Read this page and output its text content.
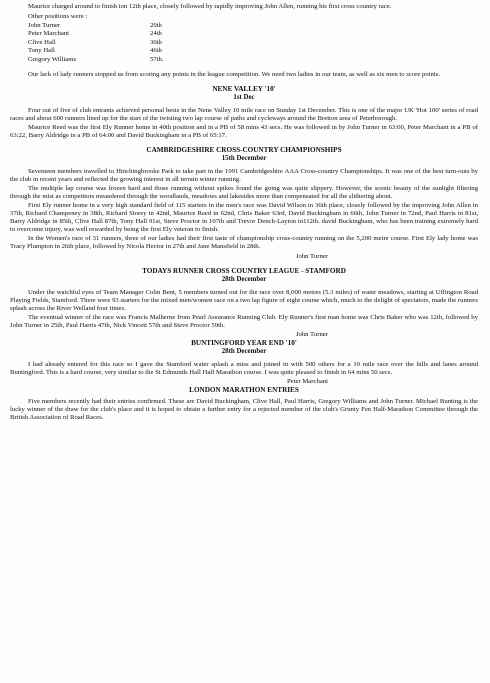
Maurice charged around to finish ion 12th place, closely followed by rapidly improving John Allen, running his first cross country race.

Other positions were :

John Turner	20th
Peter Marchant	24th
Clive Hall	30th
Tony Hall	46th
Gregory Williams	57th.

Our lack of lady runners stopped us from scoring any points in the league competition. We need two ladies in our team, as well as six men to score points.

NENE VALLEY '10'
1st Dec

Four out of five of club entrants achieved personal bests in the Nene Valley 10 mile race on Sunday 1st December. This is one of the major UK 'Hot 100' series of road races and about 600 runners lined up for the start of the twisting two lap course of paths and cycleways around the Bretton area of Peterborough.

Maurice Reed was the first Ely Runner home in 40th position and in a PB of 58 mins 43 secs. He was followed in by John Turner in 63:00, Peter Marchant in a PB of 63:22, Barry Aldridge in a PB of 64:00 and David Buckingham in a PB of 65:17.

CAMBRIDGESHIRE CROSS-COUNTRY CHAMPIONSHIPS
15th December

Seventeen members travelled to Hinchingbrooke Park to take part in the 1991 Cambridgeshire AAA Cross-country Championships. It was one of the best turn-outs by the club in recent years and reflected the growing interest in all terrain winter running.

The multiple lap course was frozen hard and those running without spikes found the going was quite slippery. However, the scenic beauty of the sunlight filtering through the mist as competitors meandered through the woodlands, meadows and lakesides more than compensated for all the slithering about.

First Ely runner home in a very high standard field of 115 starters in the men's race was David Wilson in 36th place, closely followed by the improving John Allen in 37th, Richard Champeney in 38th, Richard Storey in 42nd, Maurice Reed in 62nd, Chris Baker 63rd, David Buckingham in 66th, John Turner in 72nd, Paul Harris in 81st, Barry Aldridge in 85th, Clive Hall 87th, Tony Hall 91st, Steve Proctor in 107th and Trevor Dench-Layton in112th. david Buckingham, who has been training extremely hard to overcome injury, was well rewarded by being the first Ely veteran to finish.

In the Women's race of 31 runners, three of our ladies had their first taste of championship cross-country running on the 5,200 metre course. First Ely lady home was Tracy Plumpton in 26th place, followed by Nicola Hector in 27th and Jane Mansfield in 28th.

John Turner
TODAYS RUNNER CROSS COUNTRY LEAGUE - STAMFORD
28th December

Under the watchful eyes of Team Manager Colin Bent, 5 members turned out for the race over 8,000 metres (5.3 miles) of water meadows, starting at Uffington Road Playing Fields, Stamford. There were 93 starters for the mixed men/women race on a two lap figure of eight course which, much to the delight of spectators, made the runners splash across the River Welland four times.

The eventual winner of the race was Francis Malherne from Pearl Assurance Running Club. Ely Runner's first man home was Chris Baker who was 12th, followed by John Turner in 25th, Paul Harris 47th, Nick Vincett 57th and Steve Proctor 59th.

John Turner
BUNTINGFORD YEAR END '10'
28th December

I had already entered for this race so I gave the Stamford water splash a miss and joined in with 500 others for a 10 mile race over the hills and lanes around Buntingford. This is a hard course, very similar to the St Edmunds Hall Half Marathon course. I was quite pleased to finish in 64 mins 50 secs.

Peter Marchant
LONDON MARATHON ENTRIES

Five members recently had their entries confirmed. These are David Buckingham, Clive Hall, Paul Harris, Gregory Williams and John Turner. Michael Bunting is the lucky winner of the draw for the club's place and it is hoped to obtain a further entry for a rejected member of the club's Grunty Fen Half-Marathon Committee through the British Association of Road Races.
